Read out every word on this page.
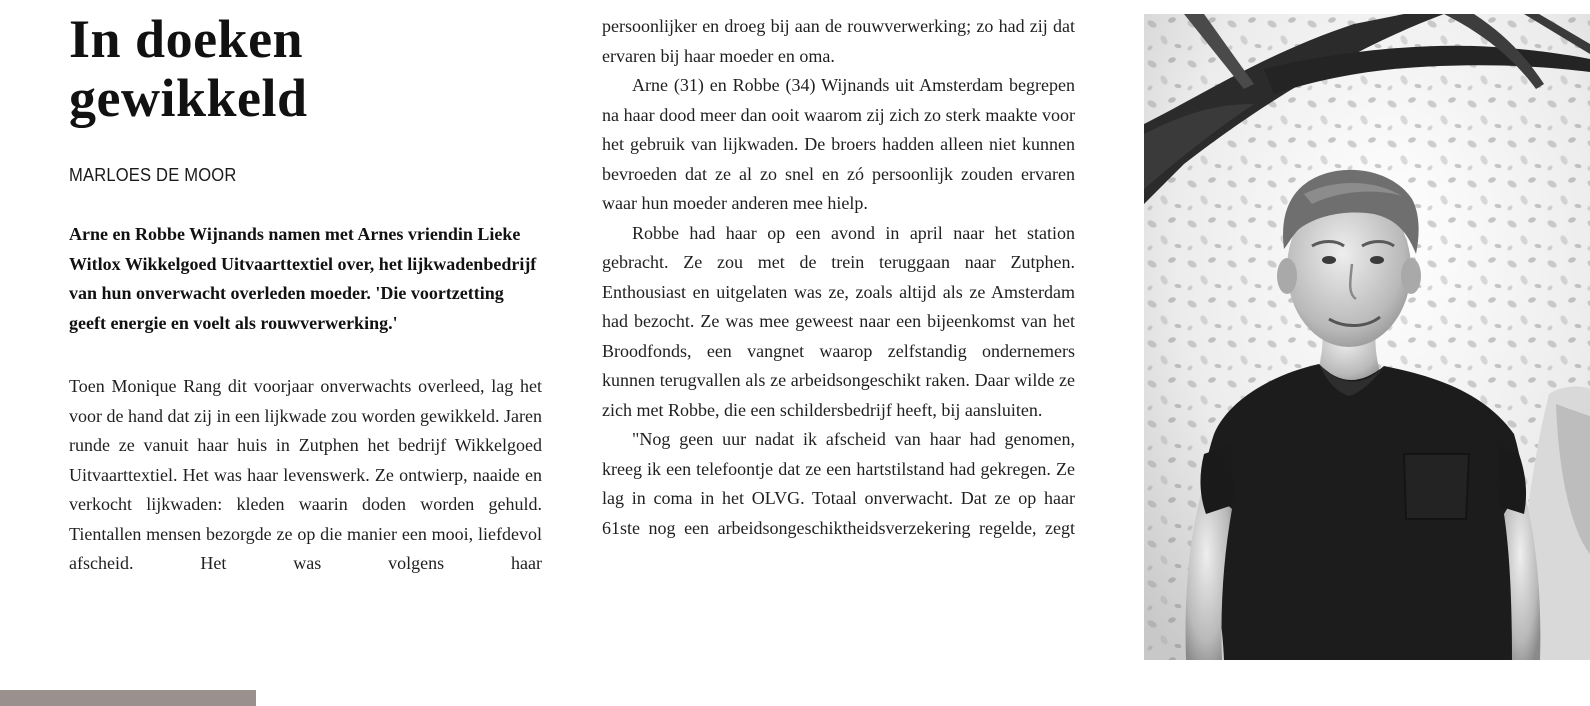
In doeken
gewikkeld
MARLOES DE MOOR
Arne en Robbe Wijnands namen met Arnes vriendin Lieke Witlox Wikkelgoed Uitvaarttextiel over, het lijkwadenbedrijf van hun onverwacht overleden moeder. 'Die voortzetting geeft energie en voelt als rouwverwerking.'

Toen Monique Rang dit voorjaar onverwachts overleed, lag het voor de hand dat zij in een lijkwade zou worden gewikkeld. Jaren runde ze vanuit haar huis in Zutphen het bedrijf Wikkelgoed Uitvaarttextiel. Het was haar levenswerk. Ze ontwierp, naaide en verkocht lijkwaden: kleden waarin doden worden gehuld. Tientallen mensen bezorgde ze op die manier een mooi, liefdevol afscheid. Het was volgens haar

persoonlijker en droeg bij aan de rouwverwerking; zo had zij dat ervaren bij haar moeder en oma.

Arne (31) en Robbe (34) Wijnands uit Amsterdam begrepen na haar dood meer dan ooit waarom zij zich zo sterk maakte voor het gebruik van lijkwaden. De broers hadden alleen niet kunnen bevroeden dat ze al zo snel en zó persoonlijk zouden ervaren waar hun moeder anderen mee hielp.

Robbe had haar op een avond in april naar het station gebracht. Ze zou met de trein teruggaan naar Zutphen. Enthousiast en uitgelaten was ze, zoals altijd als ze Amsterdam had bezocht. Ze was mee geweest naar een bijeenkomst van het Broodfonds, een vangnet waarop zelfstandig ondernemers kunnen terugvallen als ze arbeidsongeschikt raken. Daar wilde ze zich met Robbe, die een schildersbedrijf heeft, bij aansluiten.

"Nog geen uur nadat ik afscheid van haar had genomen, kreeg ik een telefoontje dat ze een hartstilstand had gekregen. Ze lag in coma in het OLVG. Totaal onverwacht. Dat ze op haar 61ste nog een arbeidsongeschiktheidsverzekering regelde, zegt
